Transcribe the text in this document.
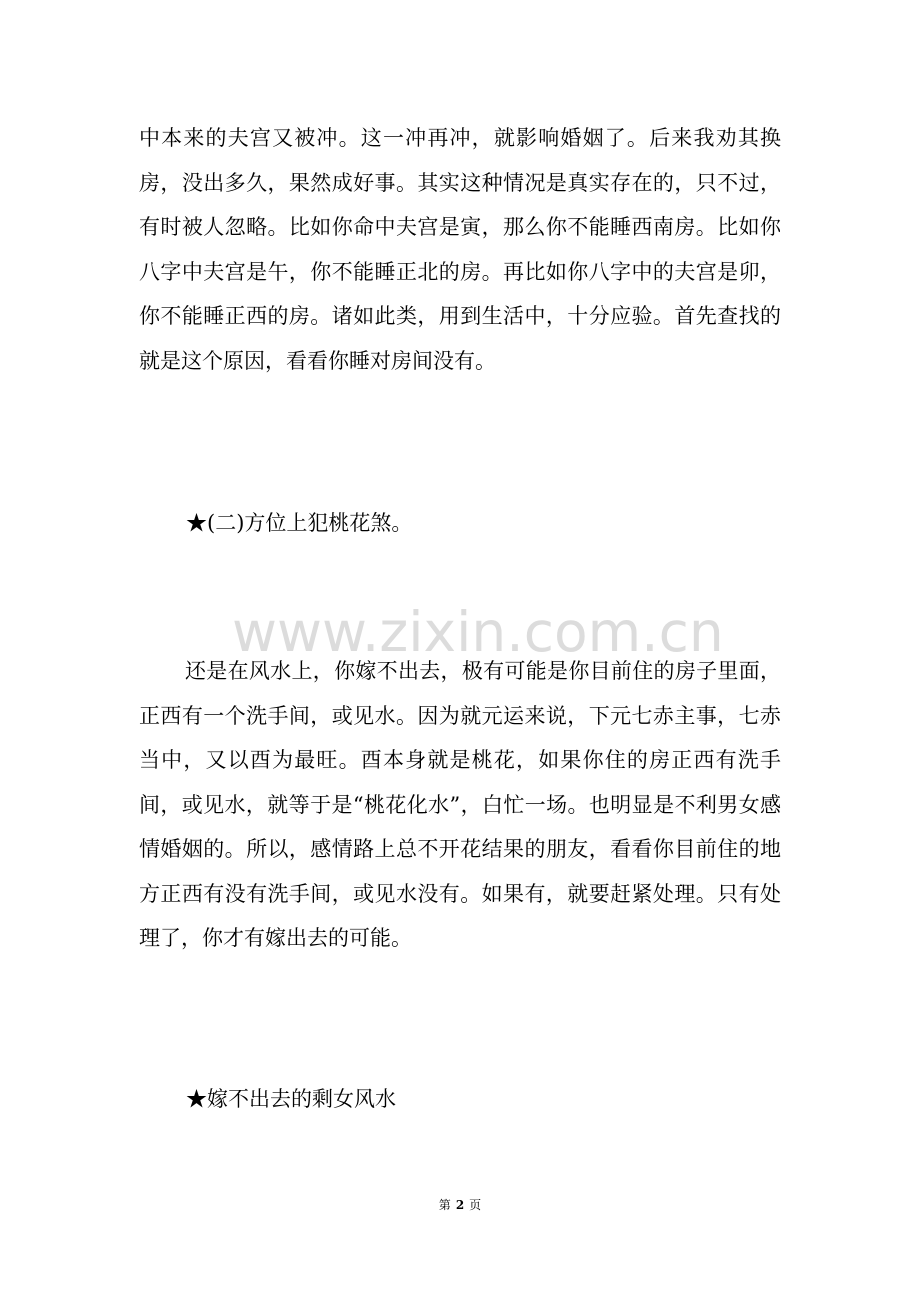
中本来的夫宫又被冲。这一冲再冲，就影响婚姻了。后来我劝其换房，没出多久，果然成好事。其实这种情况是真实存在的，只不过，有时被人忽略。比如你命中夫宫是寅，那么你不能睡西南房。比如你八字中夫宫是午，你不能睡正北的房。再比如你八字中的夫宫是卯，你不能睡正西的房。诸如此类，用到生活中，十分应验。首先查找的就是这个原因，看看你睡对房间没有。

★(二)方位上犯桃花煞。

www.zixin.com.cn

还是在风水上，你嫁不出去，极有可能是你目前住的房子里面，正西有一个洗手间，或见水。因为就元运来说，下元七赤主事，七赤当中，又以酉为最旺。酉本身就是桃花，如果你住的房正西有洗手间，或见水，就等于是“桃花化水”，白忙一场。也明显是不利男女感情婚姻的。所以，感情路上总不开花结果的朋友，看看你目前住的地方正西有没有洗手间，或见水没有。如果有，就要赶紧处理。只有处理了，你才有嫁出去的可能。

★嫁不出去的剩女风水

第 2 页
